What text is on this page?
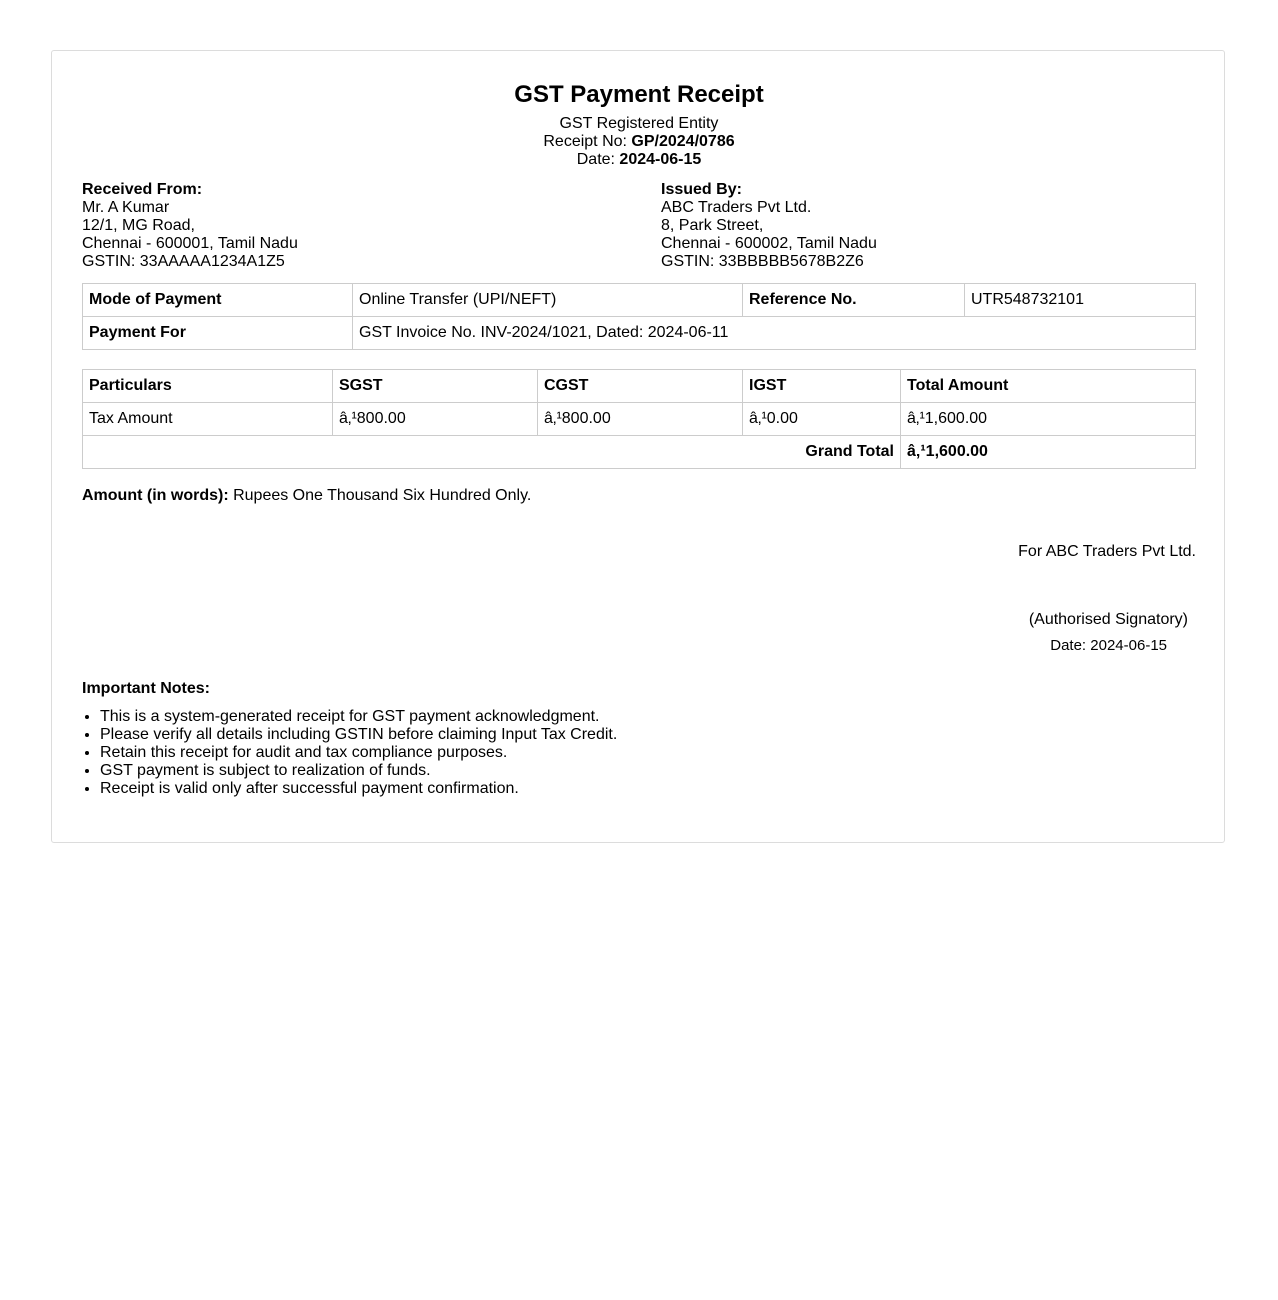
GST Payment Receipt
GST Registered Entity
Receipt No: GP/2024/0786
Date: 2024-06-15
Received From:
Mr. A Kumar
12/1, MG Road,
Chennai - 600001, Tamil Nadu
GSTIN: 33AAAAA1234A1Z5
Issued By:
ABC Traders Pvt Ltd.
8, Park Street,
Chennai - 600002, Tamil Nadu
GSTIN: 33BBBBB5678B2Z6
Mode of Payment	Online Transfer (UPI/NEFT)	Reference No.	UTR548732101
Payment For	GST Invoice No. INV-2024/1021, Dated: 2024-06-11		
Particulars	SGST	CGST	IGST	Total Amount
Tax Amount	â‚¹800.00	â‚¹800.00	â‚¹0.00	â‚¹1,600.00
Grand Total				â‚¹1,600.00
Amount (in words): Rupees One Thousand Six Hundred Only.
For ABC Traders Pvt Ltd.
(Authorised Signatory)
Date: 2024-06-15
Important Notes:
• This is a system-generated receipt for GST payment acknowledgment.
• Please verify all details including GSTIN before claiming Input Tax Credit.
• Retain this receipt for audit and tax compliance purposes.
• GST payment is subject to realization of funds.
• Receipt is valid only after successful payment confirmation.
